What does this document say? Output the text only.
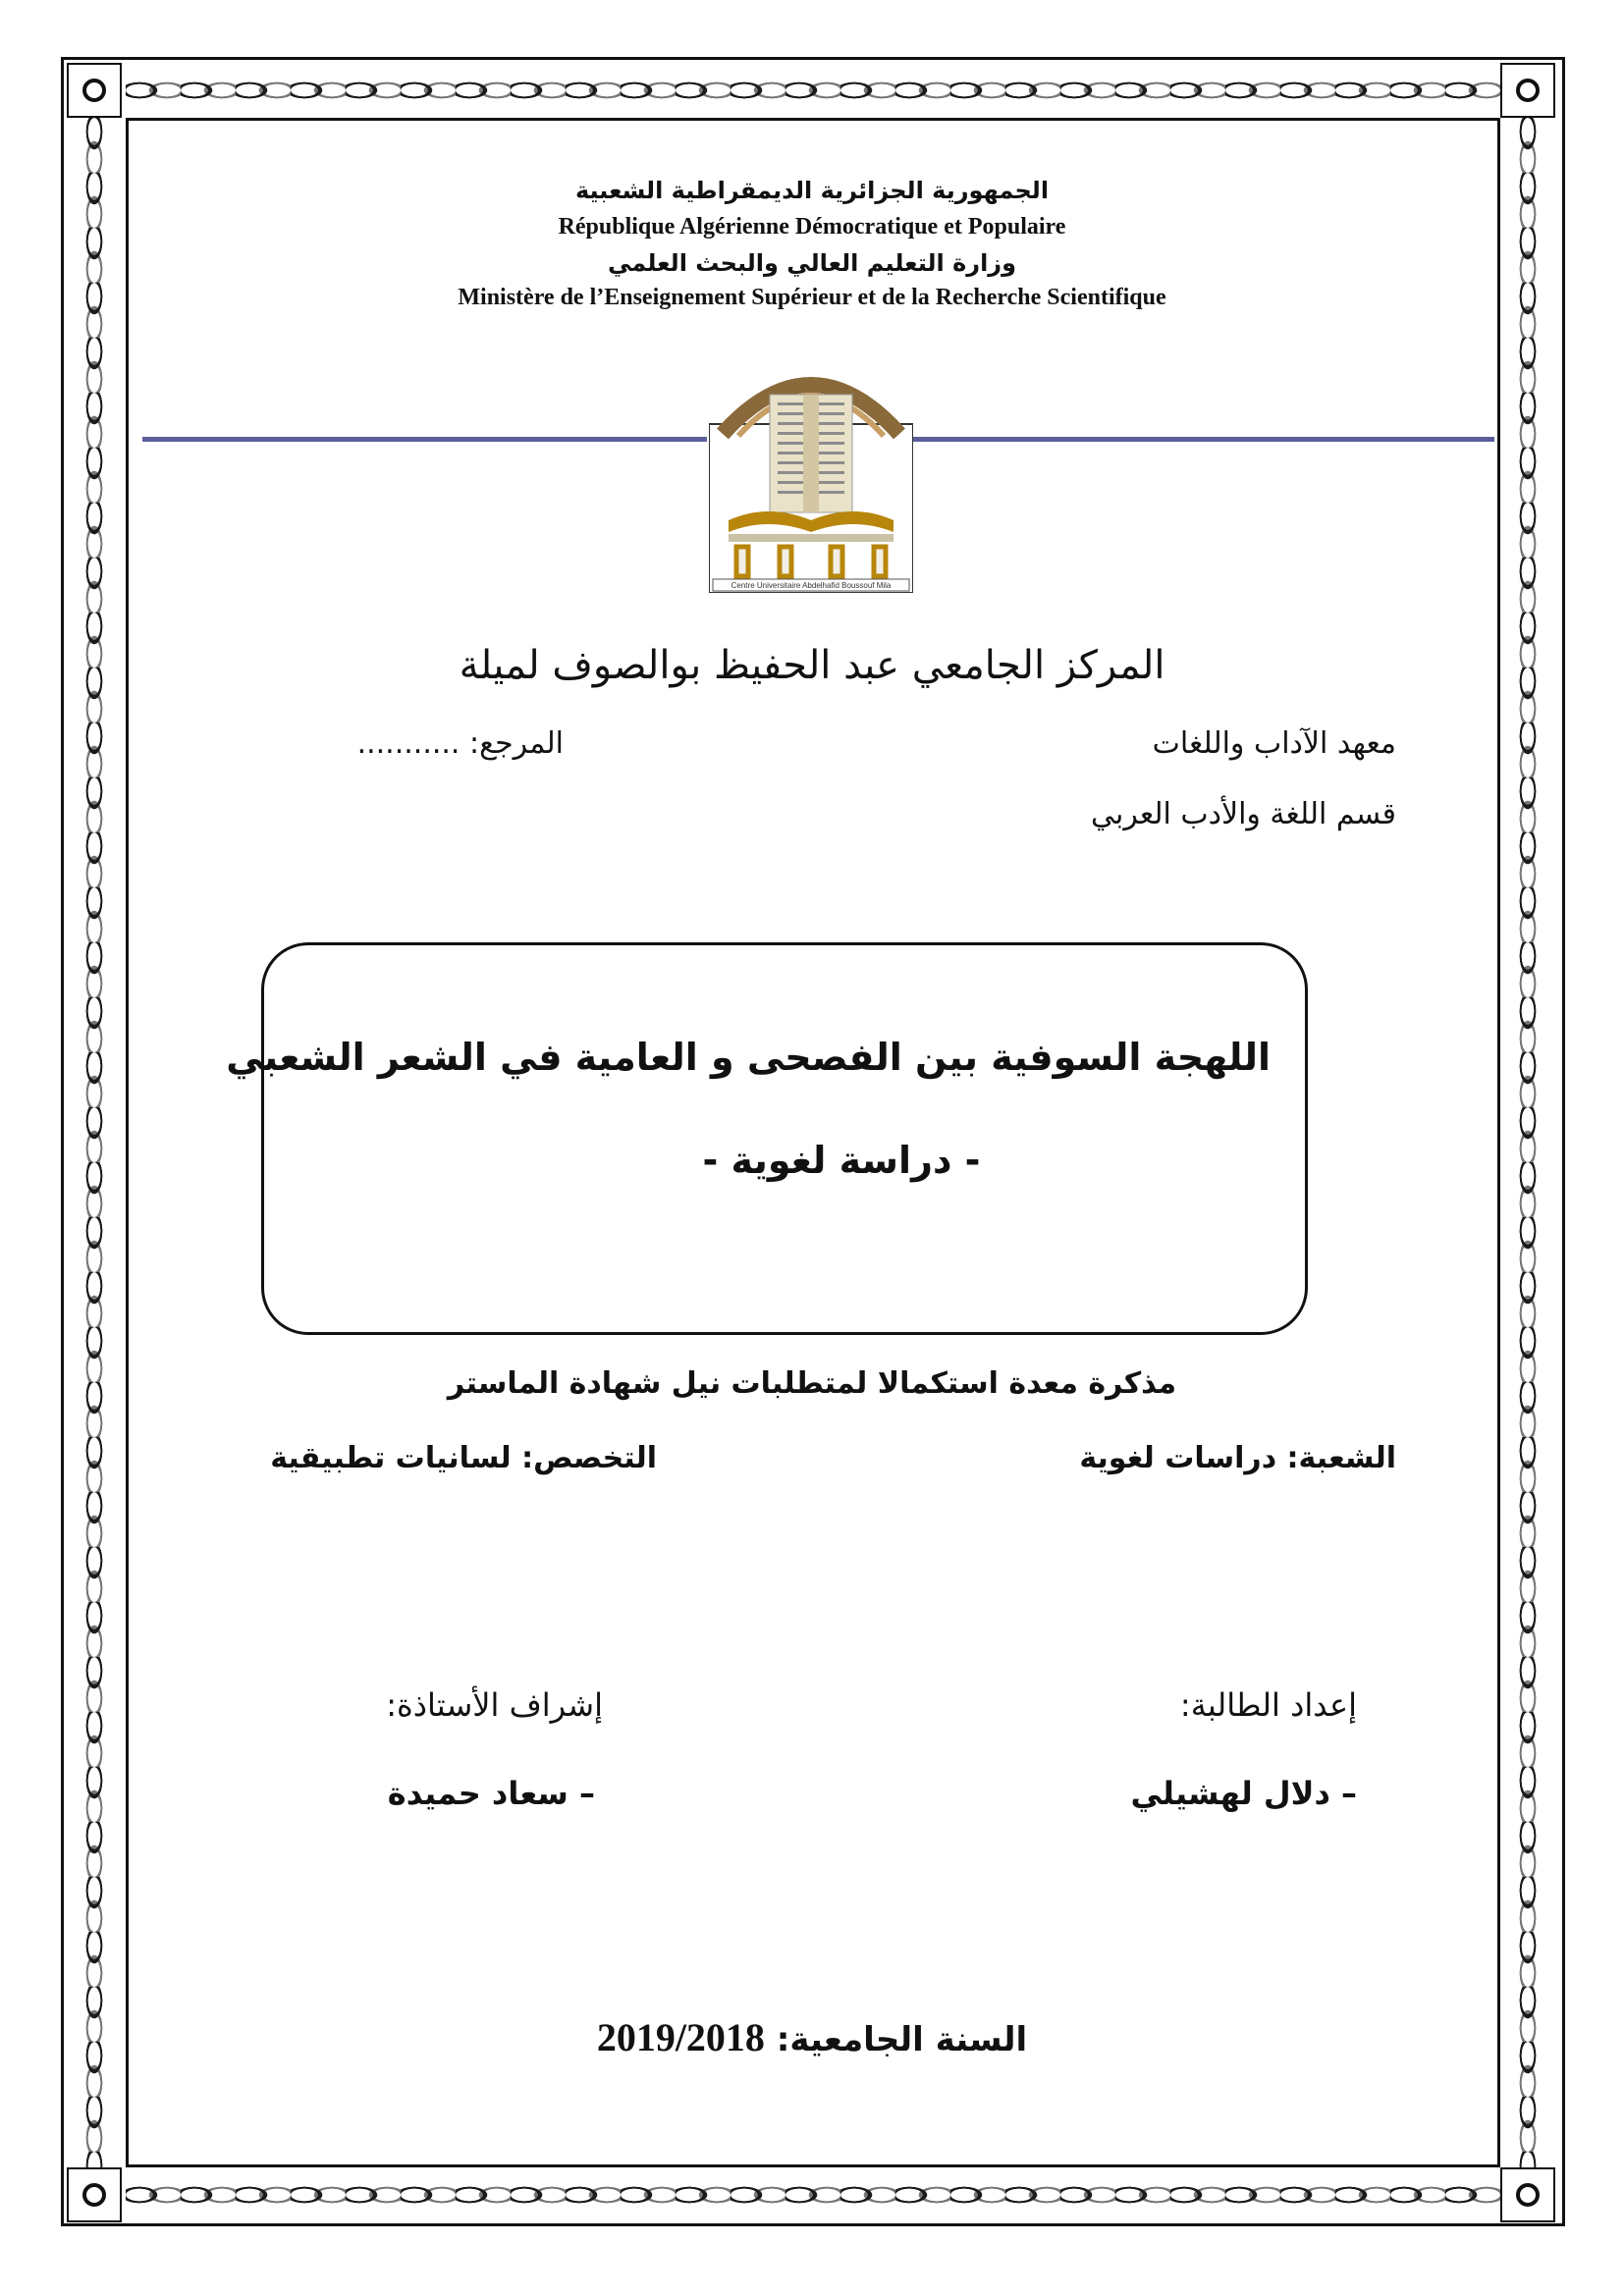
الجمهورية الجزائرية الديمقراطية الشعبية
République Algérienne Démocratique et Populaire
وزارة التعليم العالي والبحث العلمي
Ministère de l’Enseignement Supérieur et de la Recherche Scientifique
Centre Universitaire Abdelhafid Boussouf Mila
المركز الجامعي عبد الحفيظ بوالصوف لميلة
معهد الآداب واللغات
المرجع: ...........
قسم اللغة والأدب العربي
اللهجة السوفية بين الفصحى و العامية في الشعر الشعبي
- دراسة لغوية -
مذكرة معدة استكمالا لمتطلبات نيل شهادة الماستر
الشعبة: دراسات لغوية
التخصص: لسانيات تطبيقية
إعداد الطالبة:
إشراف الأستاذة:
– دلال لهشيلي
– سعاد حميدة
السنة الجامعية: 2019/2018
